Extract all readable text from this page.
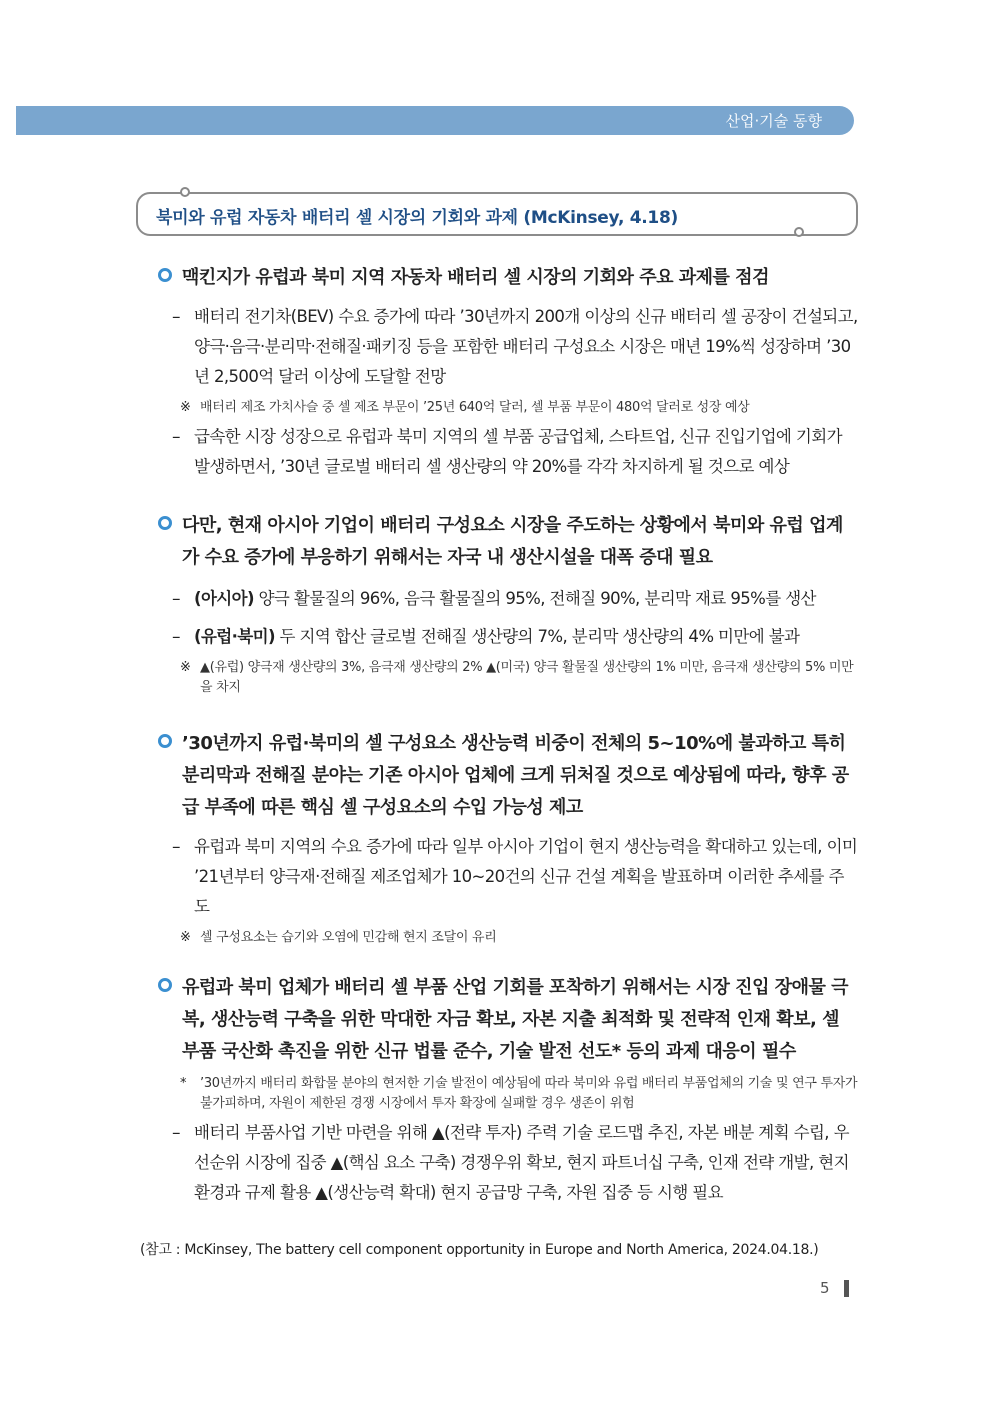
산업·기술 동향
북미와 유럽 자동차 배터리 셀 시장의 기회와 과제 (McKinsey, 4.18)
맥킨지가 유럽과 북미 지역 자동차 배터리 셀 시장의 기회와 주요 과제를 점검
– 배터리 전기차(BEV) 수요 증가에 따라 ’30년까지 200개 이상의 신규 배터리 셀 공장이 건설되고, 양극·음극·분리막·전해질·패키징 등을 포함한 배터리 구성요소 시장은 매년 19%씩 성장하며 ’30년 2,500억 달러 이상에 도달할 전망
※ 배터리 제조 가치사슬 중 셀 제조 부문이 ’25년 640억 달러, 셀 부품 부문이 480억 달러로 성장 예상
– 급속한 시장 성장으로 유럽과 북미 지역의 셀 부품 공급업체, 스타트업, 신규 진입기업에 기회가 발생하면서, ’30년 글로벌 배터리 셀 생산량의 약 20%를 각각 차지하게 될 것으로 예상
다만, 현재 아시아 기업이 배터리 구성요소 시장을 주도하는 상황에서 북미와 유럽 업계가 수요 증가에 부응하기 위해서는 자국 내 생산시설을 대폭 증대 필요
– (아시아) 양극 활물질의 96%, 음극 활물질의 95%, 전해질 90%, 분리막 재료 95%를 생산
– (유럽·북미) 두 지역 합산 글로벌 전해질 생산량의 7%, 분리막 생산량의 4% 미만에 불과
※ ▲(유럽) 양극재 생산량의 3%, 음극재 생산량의 2% ▲(미국) 양극 활물질 생산량의 1% 미만, 음극재 생산량의 5% 미만을 차지
’30년까지 유럽·북미의 셀 구성요소 생산능력 비중이 전체의 5~10%에 불과하고 특히 분리막과 전해질 분야는 기존 아시아 업체에 크게 뒤처질 것으로 예상됨에 따라, 향후 공급 부족에 따른 핵심 셀 구성요소의 수입 가능성 제고
– 유럽과 북미 지역의 수요 증가에 따라 일부 아시아 기업이 현지 생산능력을 확대하고 있는데, 이미 ’21년부터 양극재·전해질 제조업체가 10~20건의 신규 건설 계획을 발표하며 이러한 추세를 주도
※ 셀 구성요소는 습기와 오염에 민감해 현지 조달이 유리
유럽과 북미 업체가 배터리 셀 부품 산업 기회를 포착하기 위해서는 시장 진입 장애물 극복, 생산능력 구축을 위한 막대한 자금 확보, 자본 지출 최적화 및 전략적 인재 확보, 셀 부품 국산화 촉진을 위한 신규 법률 준수, 기술 발전 선도* 등의 과제 대응이 필수
* ’30년까지 배터리 화합물 분야의 현저한 기술 발전이 예상됨에 따라 북미와 유럽 배터리 부품업체의 기술 및 연구 투자가 불가피하며, 자원이 제한된 경쟁 시장에서 투자 확장에 실패할 경우 생존이 위험
– 배터리 부품사업 기반 마련을 위해 ▲(전략 투자) 주력 기술 로드맵 추진, 자본 배분 계획 수립, 우선순위 시장에 집중 ▲(핵심 요소 구축) 경쟁우위 확보, 현지 파트너십 구축, 인재 전략 개발, 현지 환경과 규제 활용 ▲(생산능력 확대) 현지 공급망 구축, 자원 집중 등 시행 필요
(참고 : McKinsey, The battery cell component opportunity in Europe and North America, 2024.04.18.)
5
